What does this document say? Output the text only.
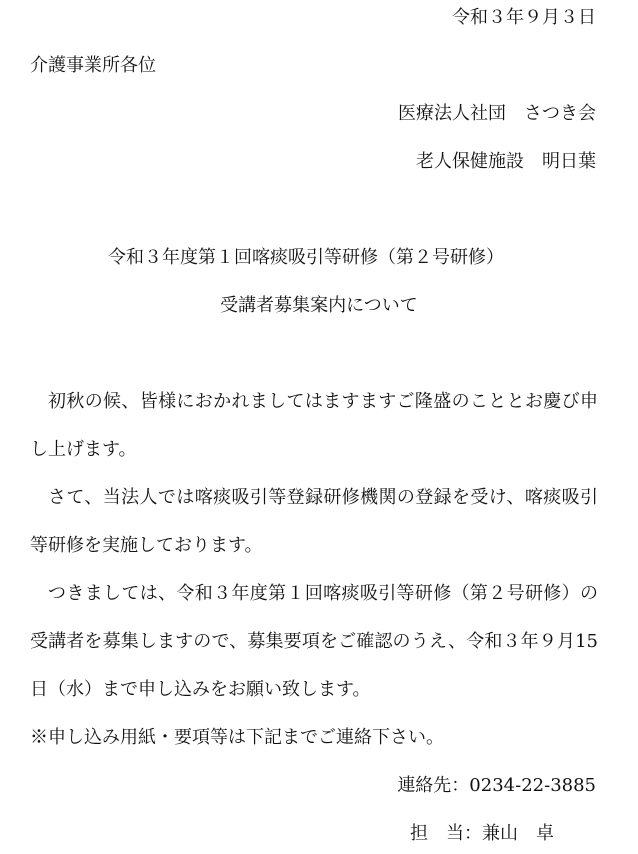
令和３年９月３日
介護事業所各位
医療法人社団　さつき会
老人保健施設　明日葉
令和３年度第１回喀痰吸引等研修（第２号研修）
受講者募集案内について
初秋の候、皆様におかれましてはますますご隆盛のこととお慶び申し上げます。
さて、当法人では喀痰吸引等登録研修機関の登録を受け、喀痰吸引等研修を実施しております。
つきましては、令和３年度第１回喀痰吸引等研修（第２号研修）の受講者を募集しますので、募集要項をご確認のうえ、令和３年９月15日（水）まで申し込みをお願い致します。
※申し込み用紙・要項等は下記までご連絡下さい。
連絡先：0234-22-3885
担　当：兼山　卓
